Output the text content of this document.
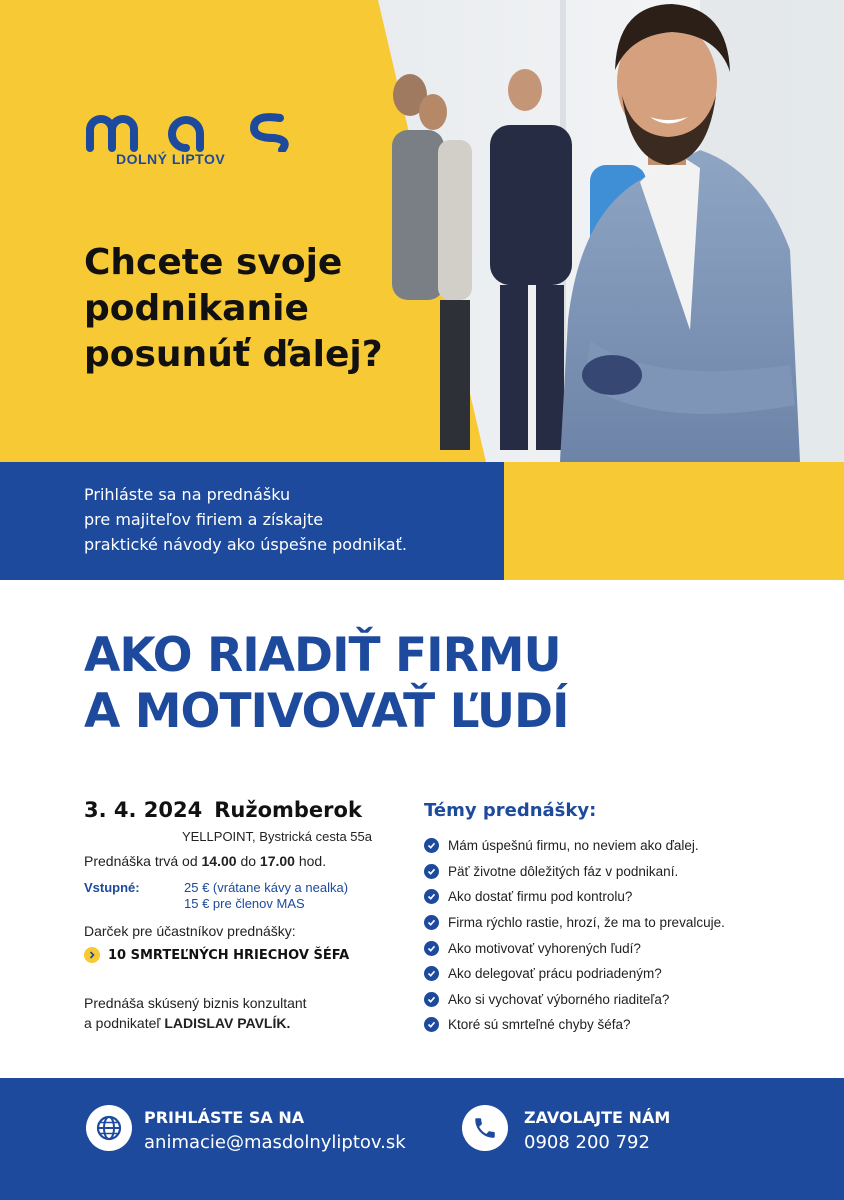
DOLNÝ LIPTOV
Chcete svoje
podnikanie
posunúť ďalej?
Prihláste sa na prednášku
pre majiteľov firiem a získajte
praktické návody ako úspešne podnikať.
AKO RIADIŤ FIRMU
A MOTIVOVAŤ ĽUDÍ
3. 4. 2024 Ružomberok
YELLPOINT, Bystrická cesta 55a
Prednáška trvá od 14.00 do 17.00 hod.
Vstupné:	25 € (vrátane kávy a nealka)
15 € pre členov MAS
Darček pre účastníkov prednášky:
10 SMRTEĽNÝCH HRIECHOV ŠÉFA
Prednáša skúsený biznis konzultant
a podnikateľ LADISLAV PAVLÍK.
Témy prednášky:
Mám úspešnú firmu, no neviem ako ďalej.
Päť životne dôležitých fáz v podnikaní.
Ako dostať firmu pod kontrolu?
Firma rýchlo rastie, hrozí, že ma to prevalcuje.
Ako motivovať vyhorených ľudí?
Ako delegovať prácu podriadeným?
Ako si vychovať výborného riaditeľa?
Ktoré sú smrteľné chyby šéfa?
PRIHLÁSTE SA NA
animacie@masdolnyliptov.sk
ZAVOLAJTE NÁM
0908 200 792
